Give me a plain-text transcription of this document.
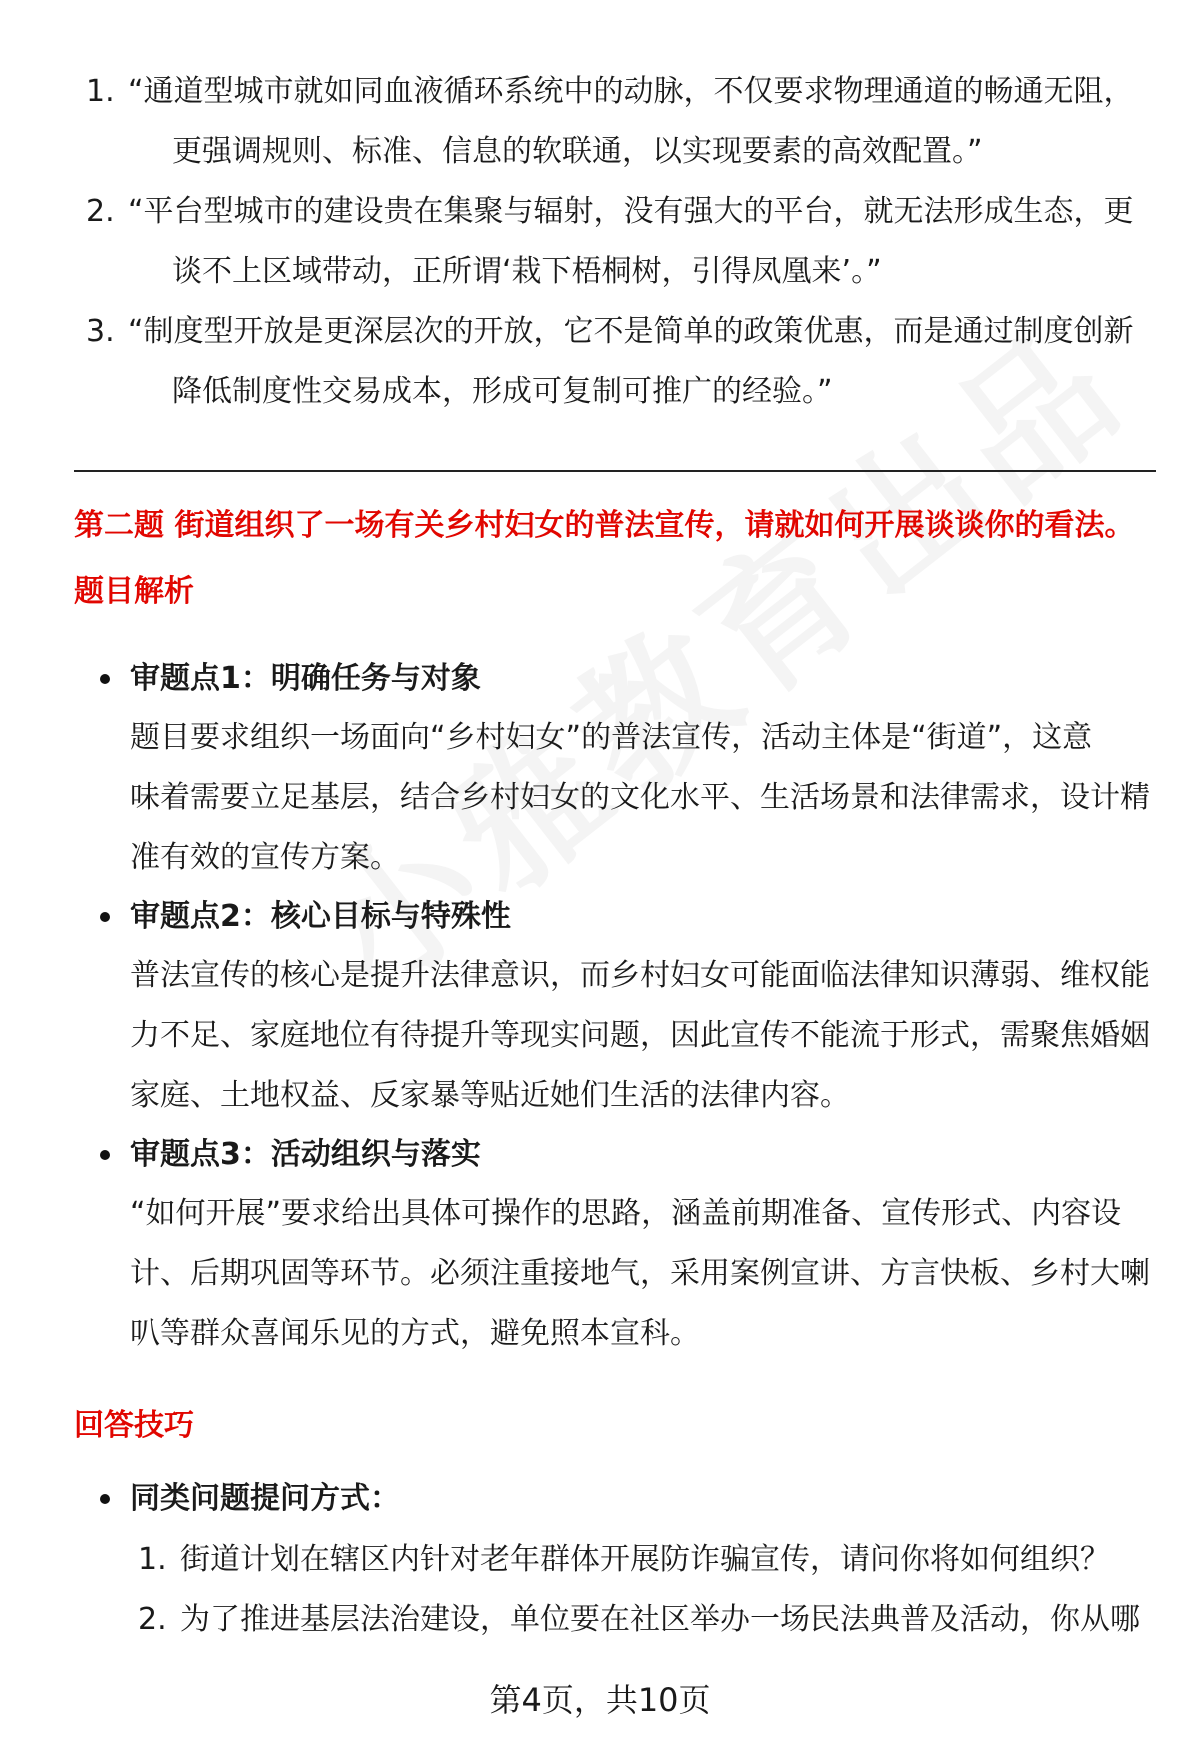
1. “通道型城市就如同血液循环系统中的动脉，不仅要求物理通道的畅通无阻，
更强调规则、标准、信息的软联通，以实现要素的高效配置。”
2. “平台型城市的建设贵在集聚与辐射，没有强大的平台，就无法形成生态，更
谈不上区域带动，正所谓‘栽下梧桐树，引得凤凰来’。”
3. “制度型开放是更深层次的开放，它不是简单的政策优惠，而是通过制度创新
降低制度性交易成本，形成可复制可推广的经验。”
第二题 街道组织了一场有关乡村妇女的普法宣传，请就如何开展谈谈你的看法。
题目解析
审题点1：明确任务与对象
题目要求组织一场面向“乡村妇女”的普法宣传，活动主体是“街道”，这意
味着需要立足基层，结合乡村妇女的文化水平、生活场景和法律需求，设计精
准有效的宣传方案。
审题点2：核心目标与特殊性
普法宣传的核心是提升法律意识，而乡村妇女可能面临法律知识薄弱、维权能
力不足、家庭地位有待提升等现实问题，因此宣传不能流于形式，需聚焦婚姻
家庭、土地权益、反家暴等贴近她们生活的法律内容。
审题点3：活动组织与落实
“如何开展”要求给出具体可操作的思路，涵盖前期准备、宣传形式、内容设
计、后期巩固等环节。必须注重接地气，采用案例宣讲、方言快板、乡村大喇
叭等群众喜闻乐见的方式，避免照本宣科。
回答技巧
同类问题提问方式：
1. 街道计划在辖区内针对老年群体开展防诈骗宣传，请问你将如何组织？
2. 为了推进基层法治建设，单位要在社区举办一场民法典普及活动，你从哪
第4页，共10页
